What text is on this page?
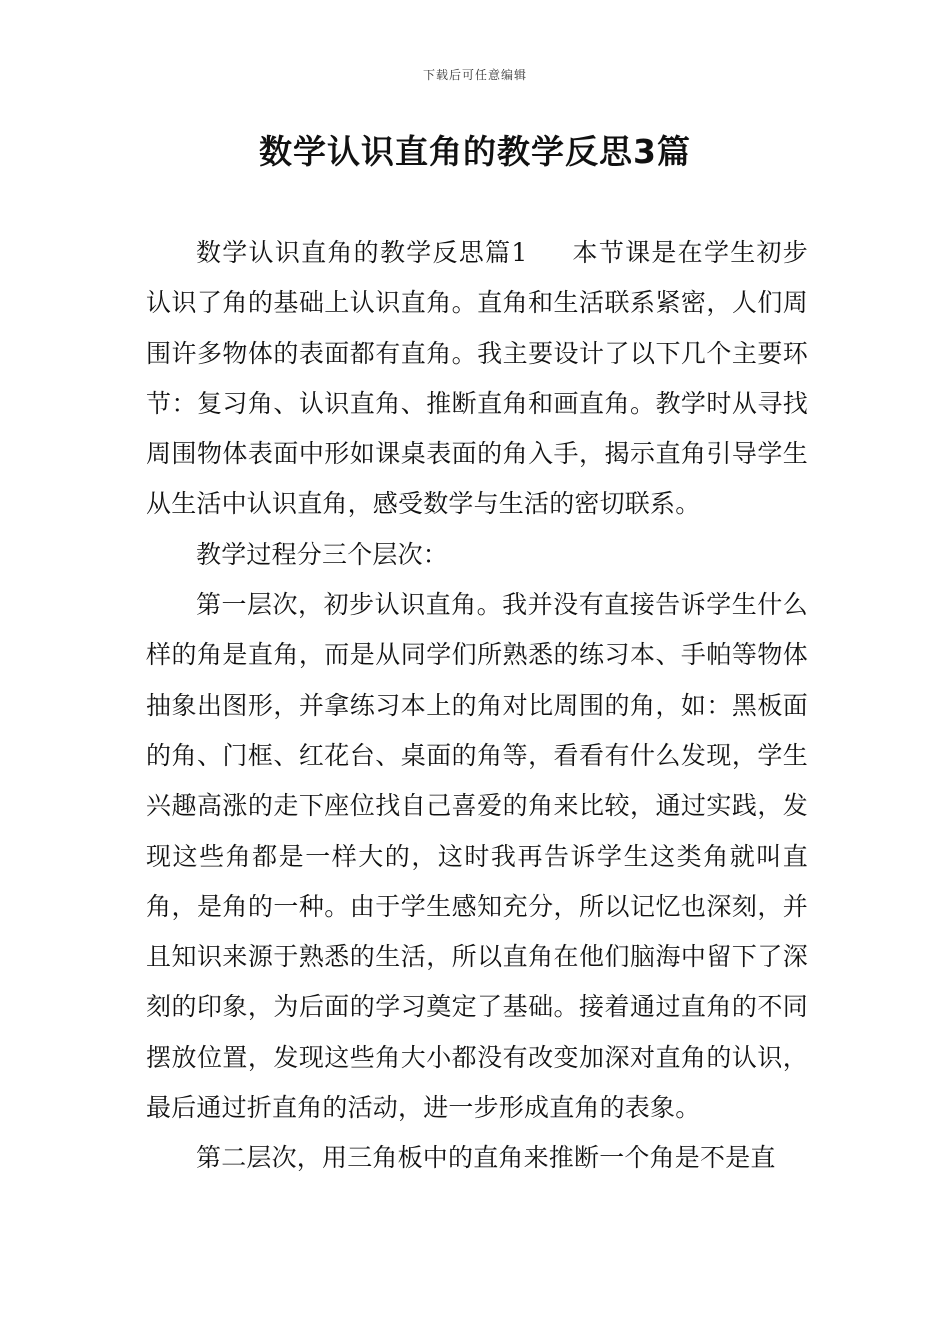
下载后可任意编辑
数学认识直角的教学反思3篇

数学认识直角的教学反思篇1 本节课是在学生初步认识了角的基础上认识直角。直角和生活联系紧密，人们周围许多物体的表面都有直角。我主要设计了以下几个主要环节：复习角、认识直角、推断直角和画直角。教学时从寻找周围物体表面中形如课桌表面的角入手，揭示直角引导学生从生活中认识直角，感受数学与生活的密切联系。

教学过程分三个层次：

第一层次，初步认识直角。我并没有直接告诉学生什么样的角是直角，而是从同学们所熟悉的练习本、手帕等物体抽象出图形，并拿练习本上的角对比周围的角，如：黑板面的角、门框、红花台、桌面的角等，看看有什么发现，学生兴趣高涨的走下座位找自己喜爱的角来比较，通过实践，发现这些角都是一样大的，这时我再告诉学生这类角就叫直角，是角的一种。由于学生感知充分，所以记忆也深刻，并且知识来源于熟悉的生活，所以直角在他们脑海中留下了深刻的印象，为后面的学习奠定了基础。接着通过直角的不同摆放位置，发现这些角大小都没有改变加深对直角的认识，最后通过折直角的活动，进一步形成直角的表象。

第二层次，用三角板中的直角来推断一个角是不是直
